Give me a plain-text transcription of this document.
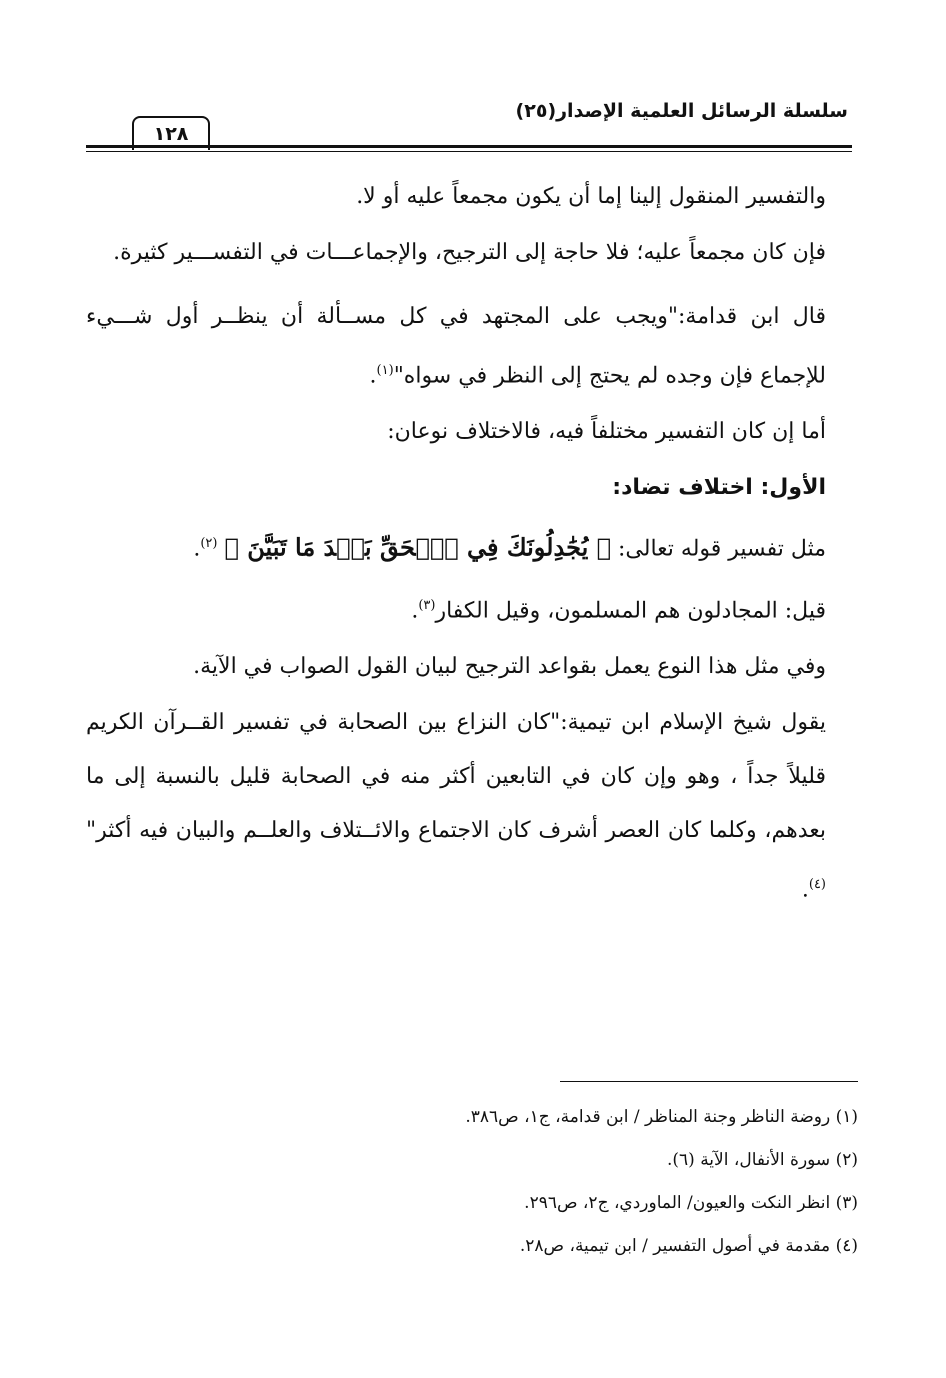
سلسلة الرسائل العلمية الإصدار(٢٥)
١٢٨

والتفسير المنقول إلينا إما أن يكون مجمعاً عليه أو لا.

فإن كان مجمعاً عليه؛ فلا حاجة إلى الترجيح، والإجماعـــات في التفســـير كثيرة.

قال ابن قدامة:"ويجب على المجتهد في كل مســألة أن ينظــر أول شـــيء للإجماع فإن وجده لم يحتج إلى النظر في سواه"$^{(١)}$.

أما إن كان التفسير مختلفاً فيه، فالاختلاف نوعان:

الأول: اختلاف تضاد:

مثل تفسير قوله تعالى: ﴿ يُجَٰدِلُونَكَ فِي ٱلۡحَقِّ بَعۡدَ مَا تَبَيَّنَ ﴾ $^{(٢)}$.

قيل: المجادلون هم المسلمون، وقيل الكفار$^{(٣)}$.

وفي مثل هذا النوع يعمل بقواعد الترجيح لبيان القول الصواب في الآية.

يقول شيخ الإسلام ابن تيمية:"كان النزاع بين الصحابة في تفسير القــرآن الكريم قليلاً جداً ، وهو وإن كان في التابعين أكثر منه في الصحابة قليل بالنسبة إلى ما بعدهم، وكلما كان العصر أشرف كان الاجتماع والائــتلاف والعلــم والبيان فيه أكثر"$^{(٤)}$.

(١) روضة الناظر وجنة المناظر / ابن قدامة، ج١، ص٣٨٦.
(٢) سورة الأنفال، الآية (٦).
(٣) انظر النكت والعيون/ الماوردي، ج٢، ص٢٩٦.
(٤) مقدمة في أصول التفسير / ابن تيمية، ص٢٨.
